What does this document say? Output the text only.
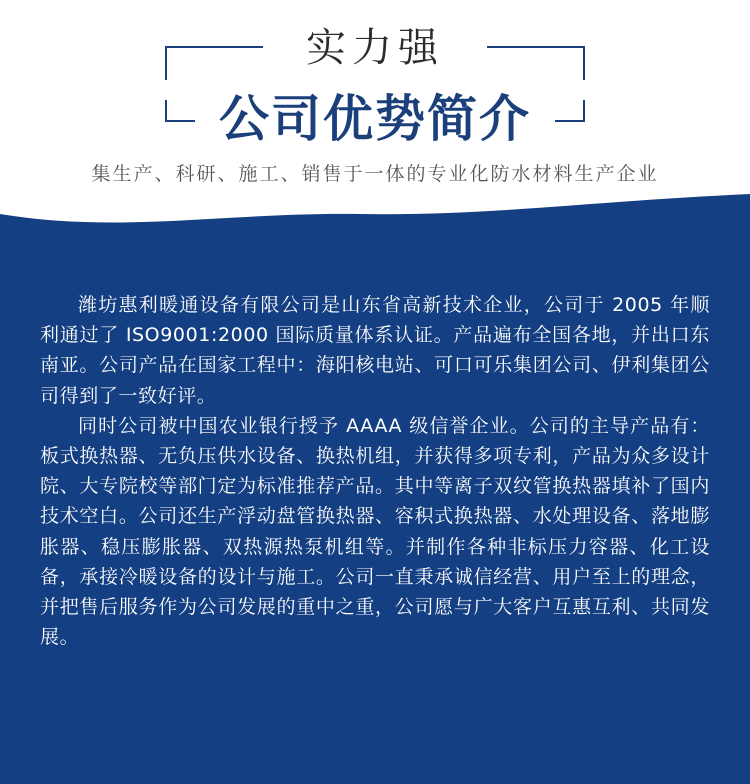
实力强
公司优势简介
集生产、科研、施工、销售于一体的专业化防水材料生产企业

潍坊惠利暖通设备有限公司是山东省高新技术企业，公司于 2005 年顺利通过了 ISO9001:2000 国际质量体系认证。产品遍布全国各地，并出口东南亚。公司产品在国家工程中：海阳核电站、可口可乐集团公司、伊利集团公司得到了一致好评。

同时公司被中国农业银行授予 AAAA 级信誉企业。公司的主导产品有：板式换热器、无负压供水设备、换热机组，并获得多项专利，产品为众多设计院、大专院校等部门定为标准推荐产品。其中等离子双纹管换热器填补了国内技术空白。公司还生产浮动盘管换热器、容积式换热器、水处理设备、落地膨胀器、稳压膨胀器、双热源热泵机组等。并制作各种非标压力容器、化工设备，承接冷暖设备的设计与施工。公司一直秉承诚信经营、用户至上的理念，并把售后服务作为公司发展的重中之重，公司愿与广大客户互惠互利、共同发展。
